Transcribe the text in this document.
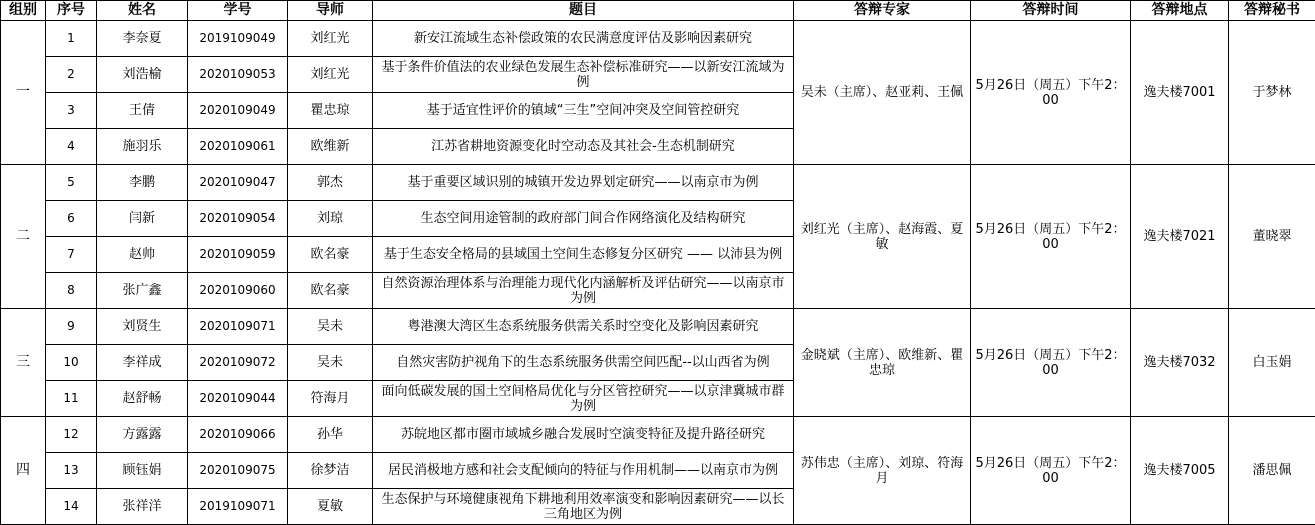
组别	序号	姓名	学号	导师	题目	答辩专家	答辩时间	答辩地点	答辩秘书
一	1	李奈夏	2019109049	刘红光	新安江流域生态补偿政策的农民满意度评估及影响因素研究	吴未（主席）、赵亚莉、王佩	5月26日（周五）下午2：00	逸夫楼7001	于梦林
	2	刘浩榆	2020109053	刘红光	基于条件价值法的农业绿色发展生态补偿标准研究——以新安江流域为例				
	3	王倩	2020109049	瞿忠琼	基于适宜性评价的镇域“三生”空间冲突及空间管控研究				
	4	施羽乐	2020109061	欧维新	江苏省耕地资源变化时空动态及其社会-生态机制研究				
二	5	李鹏	2020109047	郭杰	基于重要区域识别的城镇开发边界划定研究——以南京市为例	刘红光（主席）、赵海霞、夏敏	5月26日（周五）下午2：00	逸夫楼7021	董晓翠
	6	闫新	2020109054	刘琼	生态空间用途管制的政府部门间合作网络演化及结构研究				
	7	赵帅	2020109059	欧名豪	基于生态安全格局的县域国土空间生态修复分区研究 —— 以沛县为例				
	8	张广鑫	2020109060	欧名豪	自然资源治理体系与治理能力现代化内涵解析及评估研究——以南京市为例				
三	9	刘贤生	2020109071	吴未	粤港澳大湾区生态系统服务供需关系时空变化及影响因素研究	金晓斌（主席）、欧维新、瞿忠琼	5月26日（周五）下午2：00	逸夫楼7032	白玉娟
	10	李祥成	2020109072	吴未	自然灾害防护视角下的生态系统服务供需空间匹配--以山西省为例				
	11	赵舒畅	2020109044	符海月	面向低碳发展的国土空间格局优化与分区管控研究——以京津冀城市群为例				
四	12	方露露	2020109066	孙华	苏皖地区都市圈市域城乡融合发展时空演变特征及提升路径研究	苏伟忠（主席）、刘琼、符海月	5月26日（周五）下午2：00	逸夫楼7005	潘思佩
	13	顾钰娟	2020109075	徐梦洁	居民消极地方感和社会支配倾向的特征与作用机制——以南京市为例				
	14	张祥洋	2019109071	夏敏	生态保护与环境健康视角下耕地利用效率演变和影响因素研究——以长三角地区为例				
